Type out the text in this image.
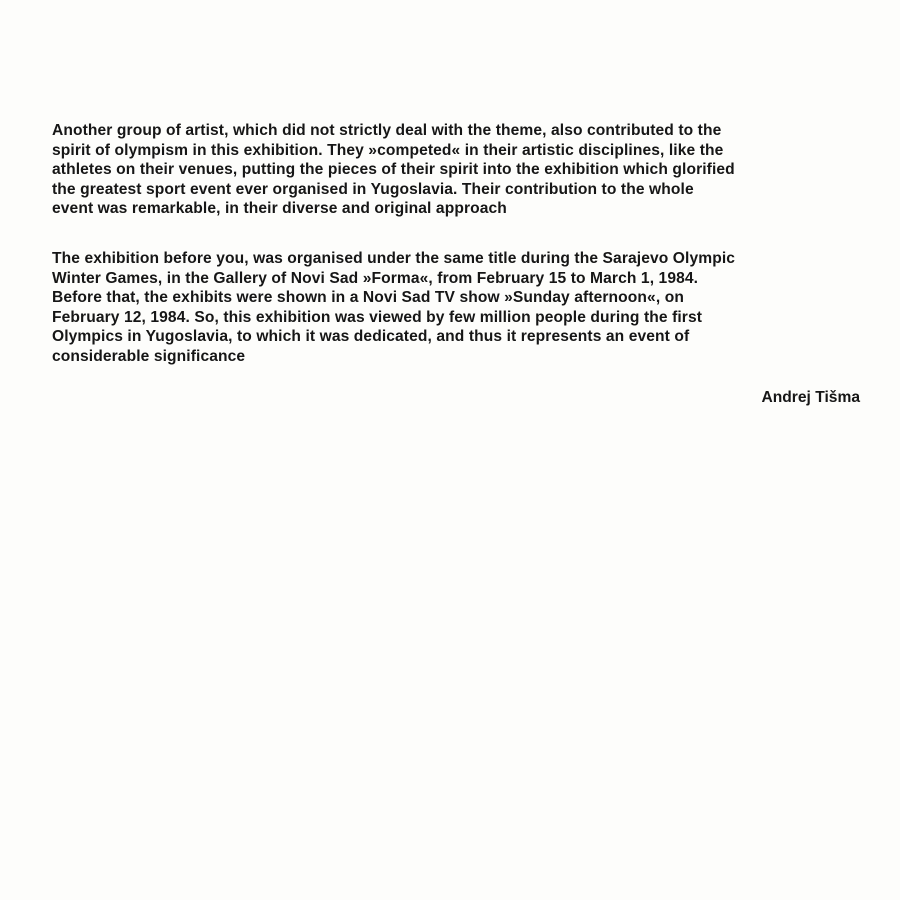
Another group of artist, which did not strictly deal with the theme, also contributed to the
spirit of olympism in this exhibition. They »competed« in their artistic disciplines, like the
athletes on their venues, putting the pieces of their spirit into the exhibition which glorified
the greatest sport event ever organised in Yugoslavia. Their contribution to the whole
event was remarkable, in their diverse and original approach
The exhibition before you, was organised under the same title during the Sarajevo Olympic
Winter Games, in the Gallery of Novi Sad »Forma«, from February 15 to March 1, 1984.
Before that, the exhibits were shown in a Novi Sad TV show »Sunday afternoon«, on
February 12, 1984. So, this exhibition was viewed by few million people during the first
Olympics in Yugoslavia, to which it was dedicated, and thus it represents an event of
considerable significance
Andrej Tišma
